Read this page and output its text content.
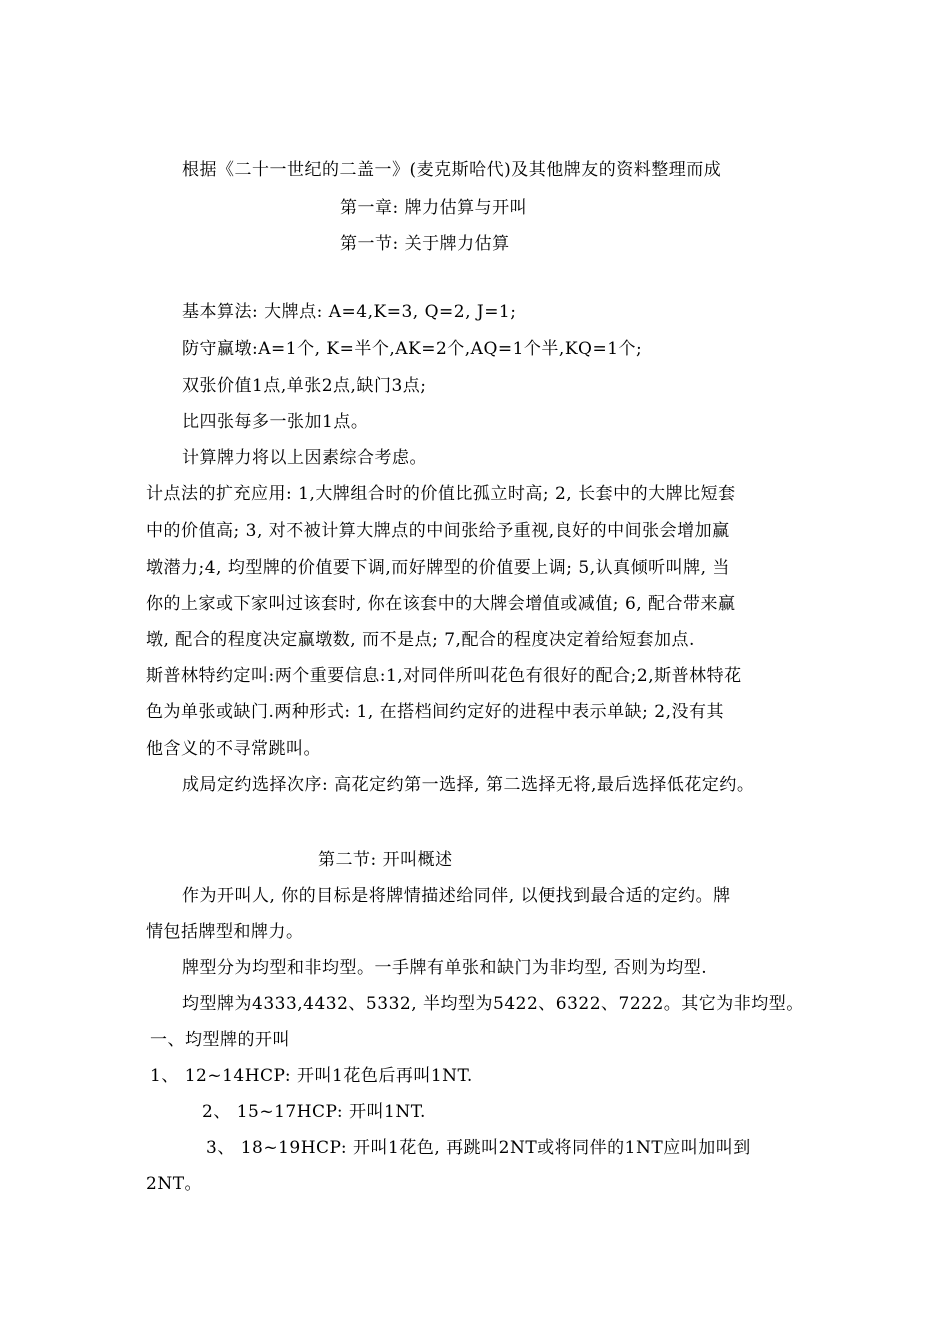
根据《二十一世纪的二盖一》(麦克斯哈代)及其他牌友的资料整理而成
第一章: 牌力估算与开叫
第一节: 关于牌力估算
基本算法: 大牌点: A=4,K=3, Q=2, J=1;
防守赢墩:A=1个, K=半个,AK=2个,AQ=1个半,KQ=1个;
双张价值1点,单张2点,缺门3点;
比四张每多一张加1点。
计算牌力将以上因素综合考虑。
计点法的扩充应用: 1,大牌组合时的价值比孤立时高; 2, 长套中的大牌比短套
中的价值高; 3, 对不被计算大牌点的中间张给予重视,良好的中间张会增加赢
墩潜力;4, 均型牌的价值要下调,而好牌型的价值要上调; 5,认真倾听叫牌, 当
你的上家或下家叫过该套时, 你在该套中的大牌会增值或减值; 6, 配合带来赢
墩, 配合的程度决定赢墩数, 而不是点; 7,配合的程度决定着给短套加点.
斯普林特约定叫:两个重要信息:1,对同伴所叫花色有很好的配合;2,斯普林特花
色为单张或缺门.两种形式: 1, 在搭档间约定好的进程中表示单缺; 2,没有其
他含义的不寻常跳叫。
成局定约选择次序: 高花定约第一选择, 第二选择无将,最后选择低花定约。
第二节: 开叫概述
作为开叫人, 你的目标是将牌情描述给同伴, 以便找到最合适的定约。牌
情包括牌型和牌力。
牌型分为均型和非均型。一手牌有单张和缺门为非均型, 否则为均型.
均型牌为4333,4432、5332, 半均型为5422、6322、7222。其它为非均型。
一、均型牌的开叫
1、 12~14HCP: 开叫1花色后再叫1NT.
2、 15~17HCP: 开叫1NT.
3、 18~19HCP: 开叫1花色, 再跳叫2NT或将同伴的1NT应叫加叫到
2NT。
